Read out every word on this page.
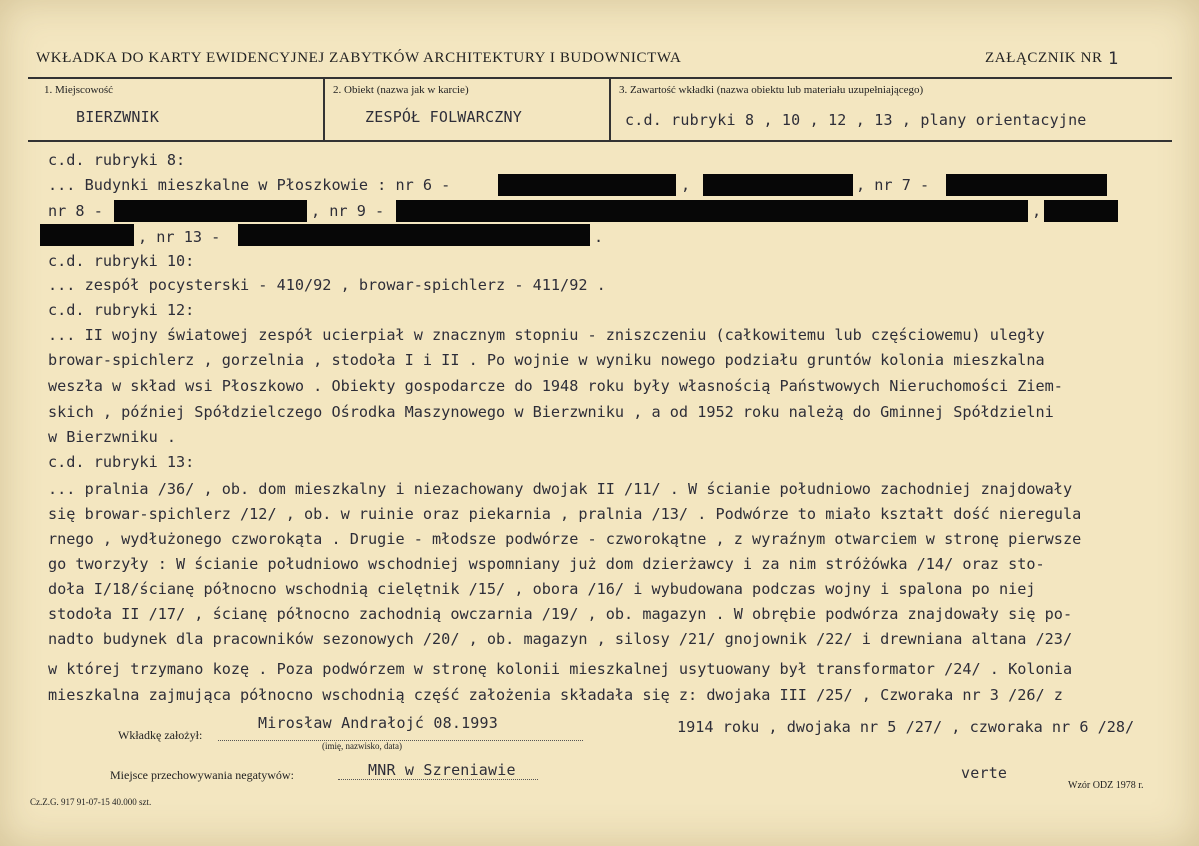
WKŁADKA DO KARTY EWIDENCYJNEJ ZABYTKÓW ARCHITEKTURY I BUDOWNICTWA	ZAŁĄCZNIK NR 1
1. Miejscowość
BIERZWNIK
2. Obiekt (nazwa jak w karcie)
ZESPÓŁ FOLWARCZNY
3. Zawartość wkładki (nazwa obiektu lub materiału uzupełniającego)
c.d. rubryki 8 , 10 , 12 , 13 , plany orientacyjne
c.d. rubryki 8:
... Budynki mieszkalne w Płoszkowie : nr 6 -	,	, nr 7 -
nr 8 -	, nr 9 -	,
, nr 13 -	.
c.d. rubryki 10:
... zespół pocysterski - 410/92 , browar-spichlerz - 411/92 .
c.d. rubryki 12:
... II wojny światowej zespół ucierpiał w znacznym stopniu - zniszczeniu (całkowitemu lub częściowemu) uległy
browar-spichlerz , gorzelnia , stodoła I i II . Po wojnie w wyniku nowego podziału gruntów kolonia mieszkalna
weszła w skład wsi Płoszkowo . Obiekty gospodarcze do 1948 roku były własnością Państwowych Nieruchomości Ziem-
skich , później Spółdzielczego Ośrodka Maszynowego w Bierzwniku , a od 1952 roku należą do Gminnej Spółdzielni
w Bierzwniku .
c.d. rubryki 13:
... pralnia /36/ , ob. dom mieszkalny i niezachowany dwojak II /11/ . W ścianie południowo zachodniej znajdowały
się browar-spichlerz /12/ , ob. w ruinie oraz piekarnia , pralnia /13/ . Podwórze to miało kształt dość nieregula
rnego , wydłużonego czworokąta . Drugie - młodsze podwórze - czworokątne , z wyraźnym otwarciem w stronę pierwsze
go tworzyły : W ścianie południowo wschodniej wspomniany już dom dzierżawcy i za nim stróżówka /14/ oraz sto-
doła I/18/ścianę północno wschodnią cielętnik /15/ , obora /16/ i wybudowana podczas wojny i spalona po niej
stodoła II /17/ , ścianę północno zachodnią owczarnia /19/ , ob. magazyn . W obrębie podwórza znajdowały się po-
nadto budynek dla pracowników sezonowych /20/ , ob. magazyn , silosy /21/ gnojownik /22/ i drewniana altana /23/
w której trzymano kozę . Poza podwórzem w stronę kolonii mieszkalnej usytuowany był transformator /24/ . Kolonia
mieszkalna zajmująca północno wschodnią część założenia składała się z: dwojaka III /25/ , Czworaka nr 3 /26/ z
1914 roku , dwojaka nr 5 /27/ , czworaka nr 6 /28/
Wkładkę założył:
Mirosław Andrałojć 08.1993
(imię, nazwisko, data)
Miejsce przechowywania negatywów:	MNR w Szreniawie	verte
Cz.Z.G. 917 91-07-15 40.000 szt.
Wzór ODZ 1978 r.
